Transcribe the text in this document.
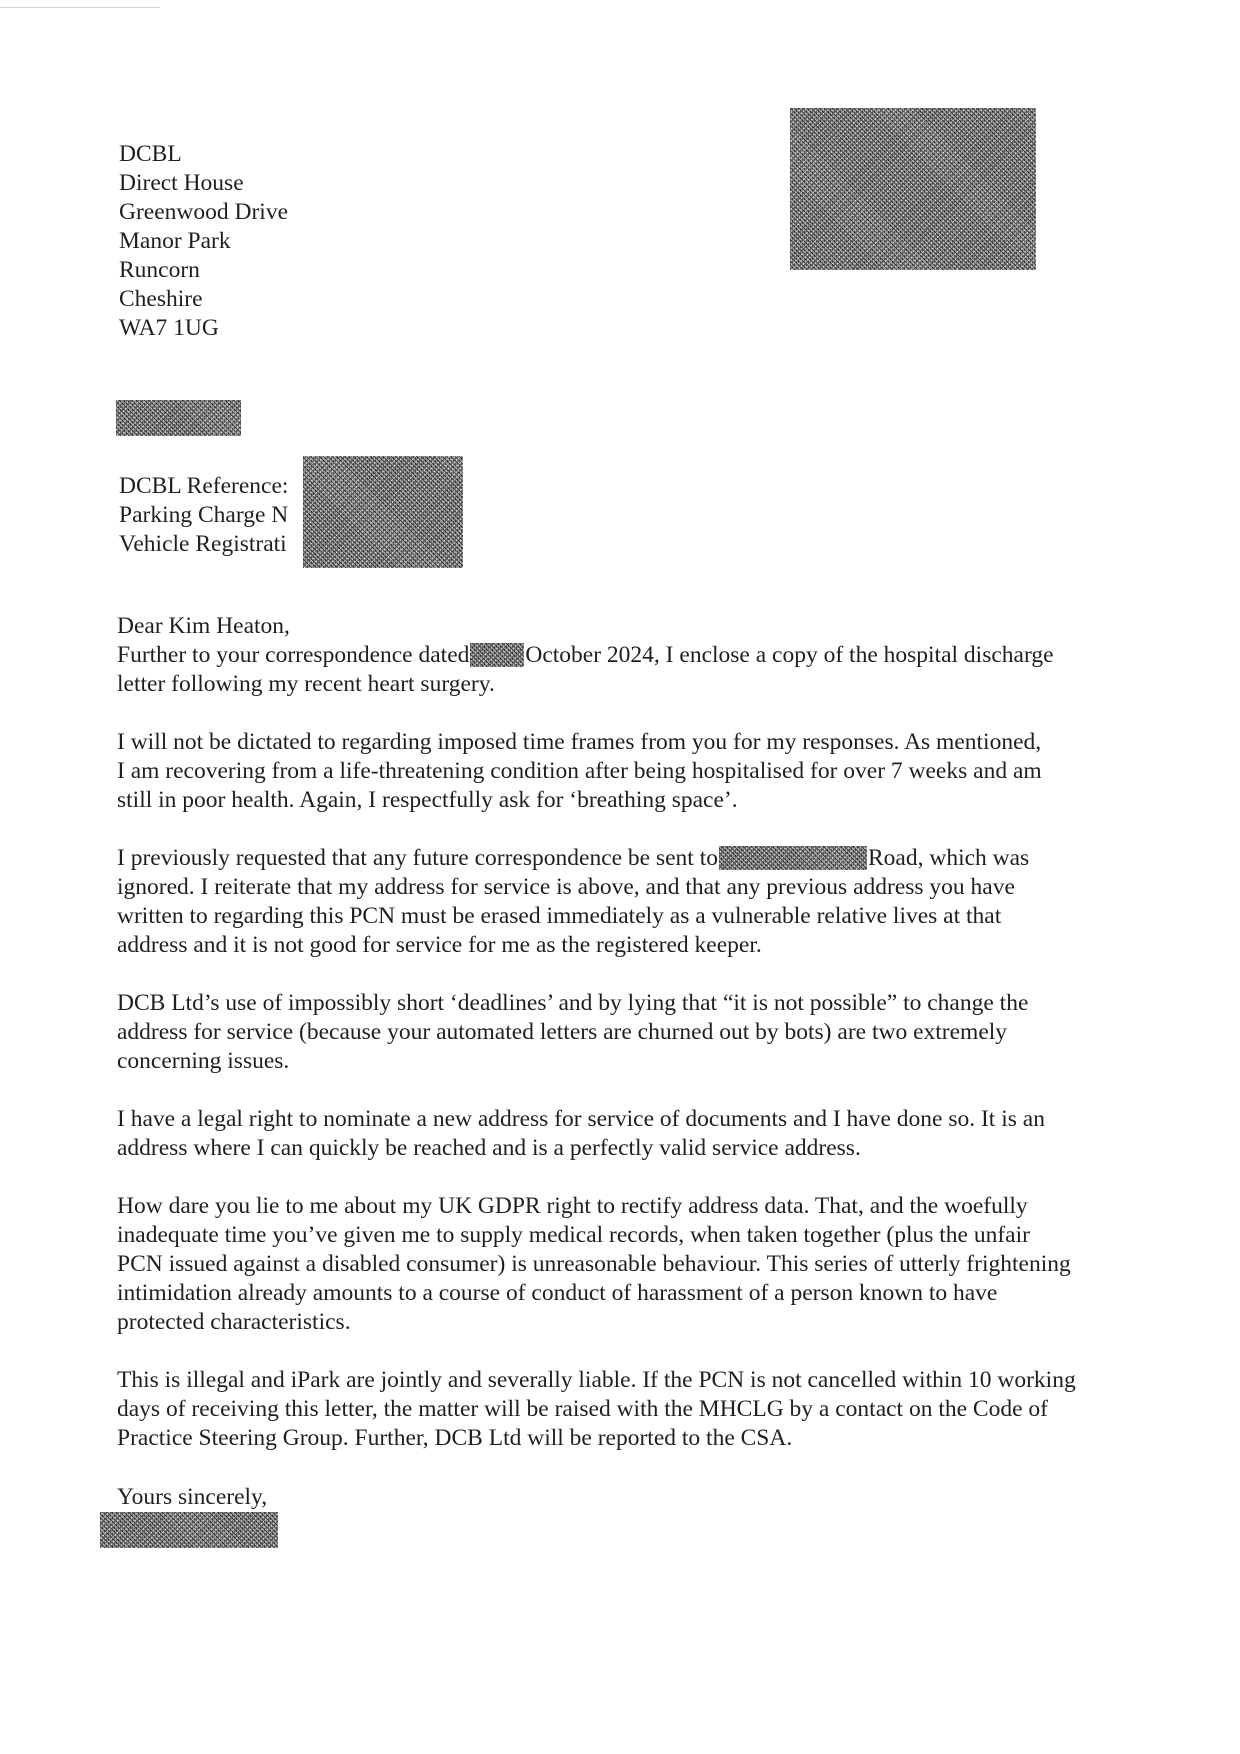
DCBL
Direct House
Greenwood Drive
Manor Park
Runcorn
Cheshire
WA7 1UG
DCBL Reference:
Parking Charge N
Vehicle Registrati
Dear Kim Heaton,
Further to your correspondence dated October 2024, I enclose a copy of the hospital discharge
letter following my recent heart surgery.
I will not be dictated to regarding imposed time frames from you for my responses. As mentioned,
I am recovering from a life-threatening condition after being hospitalised for over 7 weeks and am
still in poor health. Again, I respectfully ask for ‘breathing space’.
I previously requested that any future correspondence be sent to	Road, which was
ignored. I reiterate that my address for service is above, and that any previous address you have
written to regarding this PCN must be erased immediately as a vulnerable relative lives at that
address and it is not good for service for me as the registered keeper.
DCB Ltd’s use of impossibly short ‘deadlines’ and by lying that “it is not possible” to change the
address for service (because your automated letters are churned out by bots) are two extremely
concerning issues.
I have a legal right to nominate a new address for service of documents and I have done so. It is an
address where I can quickly be reached and is a perfectly valid service address.
How dare you lie to me about my UK GDPR right to rectify address data. That, and the woefully
inadequate time you’ve given me to supply medical records, when taken together (plus the unfair
PCN issued against a disabled consumer) is unreasonable behaviour. This series of utterly frightening
intimidation already amounts to a course of conduct of harassment of a person known to have
protected characteristics.
This is illegal and iPark are jointly and severally liable. If the PCN is not cancelled within 10 working
days of receiving this letter, the matter will be raised with the MHCLG by a contact on the Code of
Practice Steering Group. Further, DCB Ltd will be reported to the CSA.
Yours sincerely,
